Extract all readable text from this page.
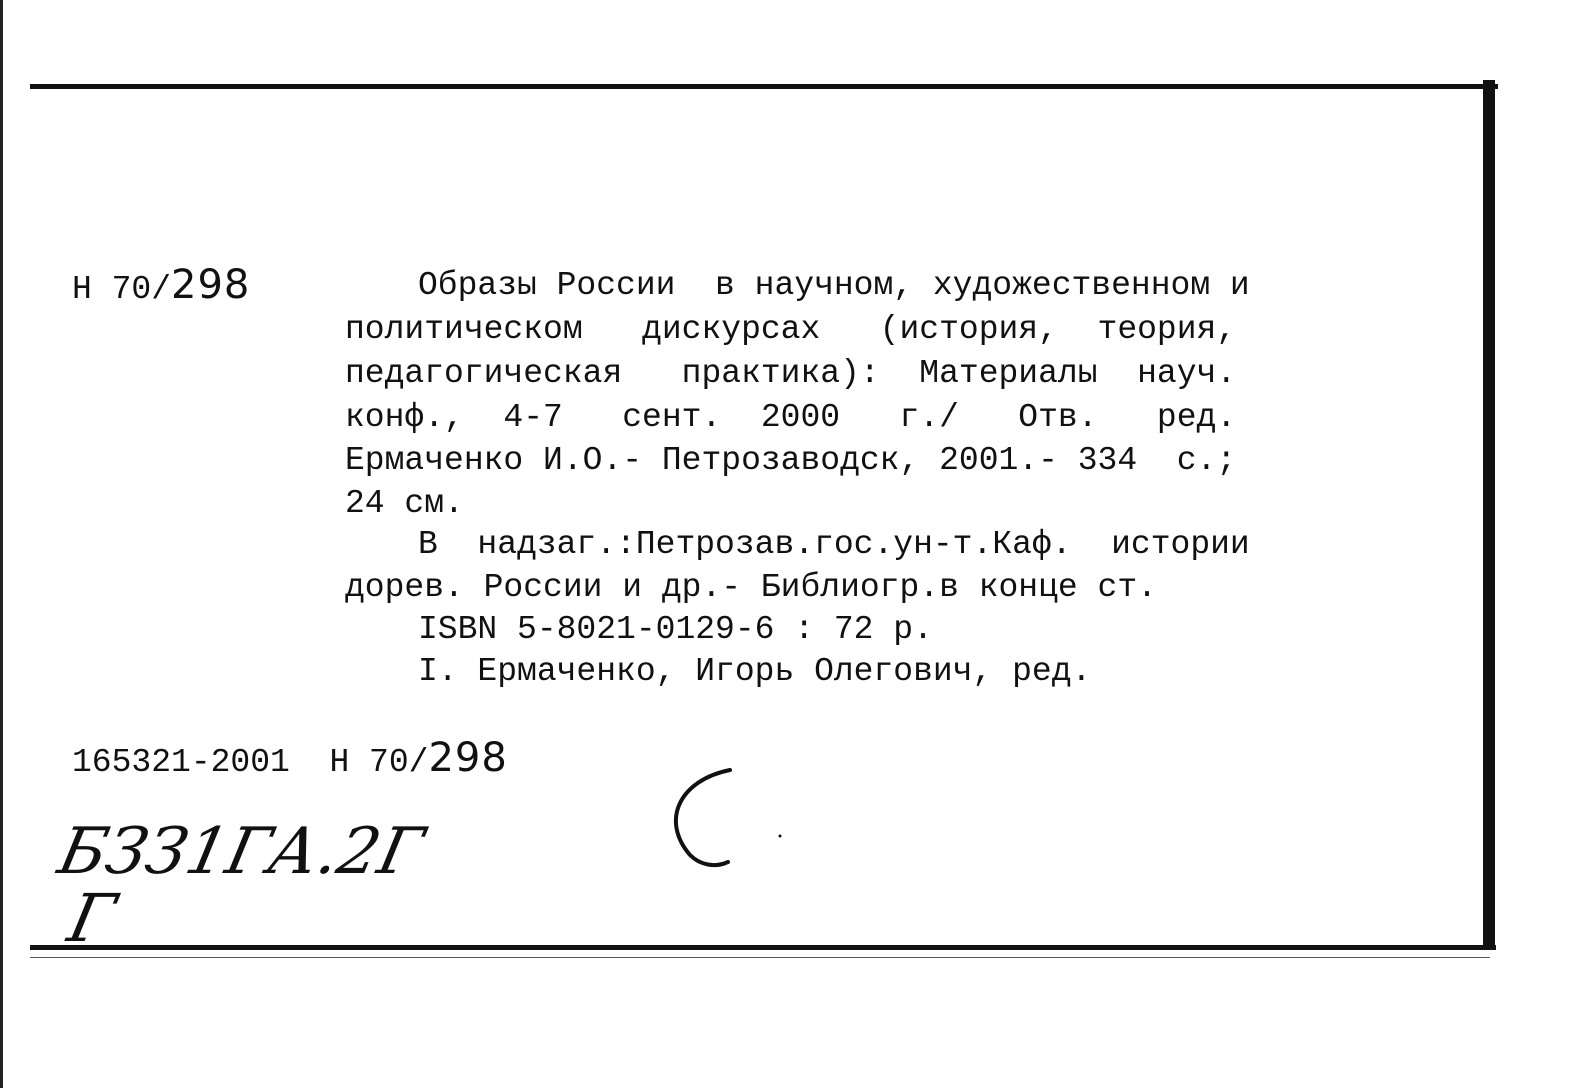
Н 70/298	Образы России  в научном, художественном и
политическом   дискурсах   (история,  теория,
педагогическая   практика):  Материалы  науч.
конф.,  4-7   сент.  2000   г./   Отв.   ред.
Ермаченко И.О.- Петрозаводск, 2001.- 334  с.;
24 см.
В  надзаг.:Петрозав.гос.ун-т.Каф.  истории
дорев. России и др.- Библиогр.в конце ст.
ISBN 5-8021-0129-6 : 72 р.
I. Ермаченко, Игорь Олегович, ред.
165321-2001 Н 70/298
БЗЗ1ГА.2Г
Г
